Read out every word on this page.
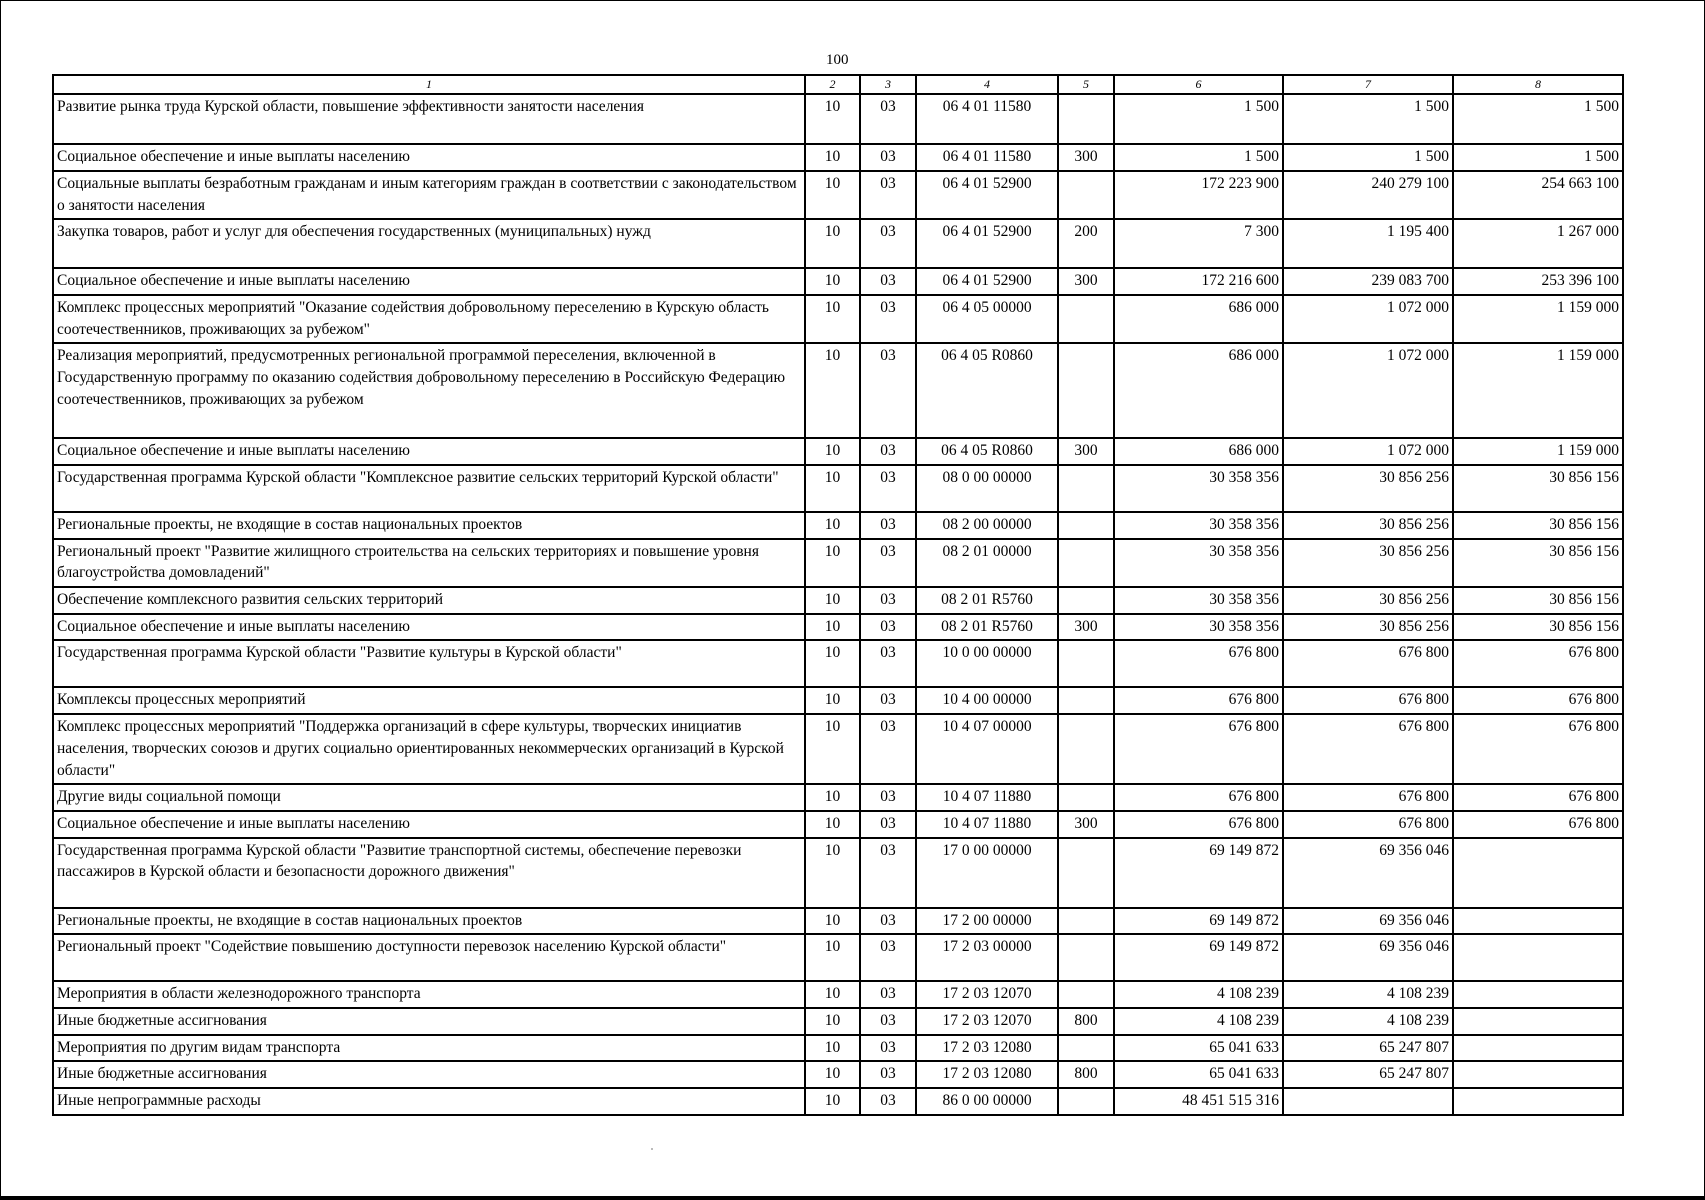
100
1	2	3	4	5	6	7	8
Развитие рынка труда Курской области, повышение эффективности занятости населения	10	03	06 4 01 11580		1 500	1 500	1 500
Социальное обеспечение и иные выплаты населению	10	03	06 4 01 11580	300	1 500	1 500	1 500
Социальные выплаты безработным гражданам и иным категориям граждан в соответствии с законодательством о занятости населения	10	03	06 4 01 52900		172 223 900	240 279 100	254 663 100
Закупка товаров, работ и услуг для обеспечения государственных (муниципальных) нужд	10	03	06 4 01 52900	200	7 300	1 195 400	1 267 000
Социальное обеспечение и иные выплаты населению	10	03	06 4 01 52900	300	172 216 600	239 083 700	253 396 100
Комплекс процессных мероприятий "Оказание содействия добровольному переселению в Курскую область соотечественников, проживающих за рубежом"	10	03	06 4 05 00000		686 000	1 072 000	1 159 000
Реализация мероприятий, предусмотренных региональной программой переселения, включенной в Государственную программу по оказанию содействия добровольному переселению в Российскую Федерацию соотечественников, проживающих за рубежом	10	03	06 4 05 R0860		686 000	1 072 000	1 159 000
Социальное обеспечение и иные выплаты населению	10	03	06 4 05 R0860	300	686 000	1 072 000	1 159 000
Государственная программа Курской области "Комплексное развитие сельских территорий Курской области"	10	03	08 0 00 00000		30 358 356	30 856 256	30 856 156
Региональные проекты, не входящие в состав национальных проектов	10	03	08 2 00 00000		30 358 356	30 856 256	30 856 156
Региональный проект "Развитие жилищного строительства на сельских территориях и повышение уровня благоустройства домовладений"	10	03	08 2 01 00000		30 358 356	30 856 256	30 856 156
Обеспечение комплексного развития сельских территорий	10	03	08 2 01 R5760		30 358 356	30 856 256	30 856 156
Социальное обеспечение и иные выплаты населению	10	03	08 2 01 R5760	300	30 358 356	30 856 256	30 856 156
Государственная программа Курской области "Развитие культуры в Курской области"	10	03	10 0 00 00000		676 800	676 800	676 800
Комплексы процессных мероприятий	10	03	10 4 00 00000		676 800	676 800	676 800
Комплекс процессных мероприятий "Поддержка организаций в сфере культуры, творческих инициатив населения, творческих союзов и других социально ориентированных некоммерческих организаций в Курской области"	10	03	10 4 07 00000		676 800	676 800	676 800
Другие виды социальной помощи	10	03	10 4 07 11880		676 800	676 800	676 800
Социальное обеспечение и иные выплаты населению	10	03	10 4 07 11880	300	676 800	676 800	676 800
Государственная программа Курской области "Развитие транспортной системы, обеспечение перевозки пассажиров в Курской области и безопасности дорожного движения"	10	03	17 0 00 00000		69 149 872	69 356 046	
Региональные проекты, не входящие в состав национальных проектов	10	03	17 2 00 00000		69 149 872	69 356 046	
Региональный проект "Содействие повышению доступности перевозок населению Курской области"	10	03	17 2 03 00000		69 149 872	69 356 046	
Мероприятия в области железнодорожного транспорта	10	03	17 2 03 12070		4 108 239	4 108 239	
Иные бюджетные ассигнования	10	03	17 2 03 12070	800	4 108 239	4 108 239	
Мероприятия по другим видам транспорта	10	03	17 2 03 12080		65 041 633	65 247 807	
Иные бюджетные ассигнования	10	03	17 2 03 12080	800	65 041 633	65 247 807	
Иные непрограммные расходы	10	03	86 0 00 00000		48 451 515 316		
